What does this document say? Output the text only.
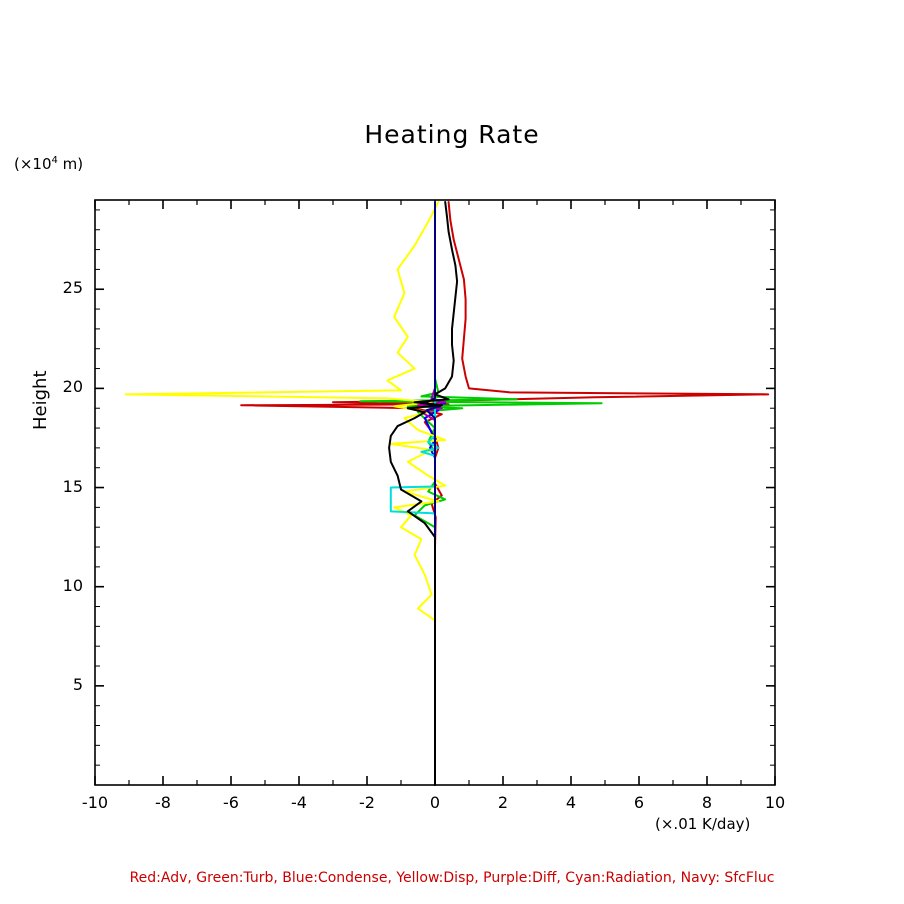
Heating Rate
($\times 10^4$ m)
Height
(×.01 K/day)
Red:Adv, Green:Turb, Blue:Condense, Yellow:Disp, Purple:Diff, Cyan:Radiation, Navy: SfcFluc
-10	-8	-6	-4	-2	0	2	4	6	8	10
5
10
15
20
25
